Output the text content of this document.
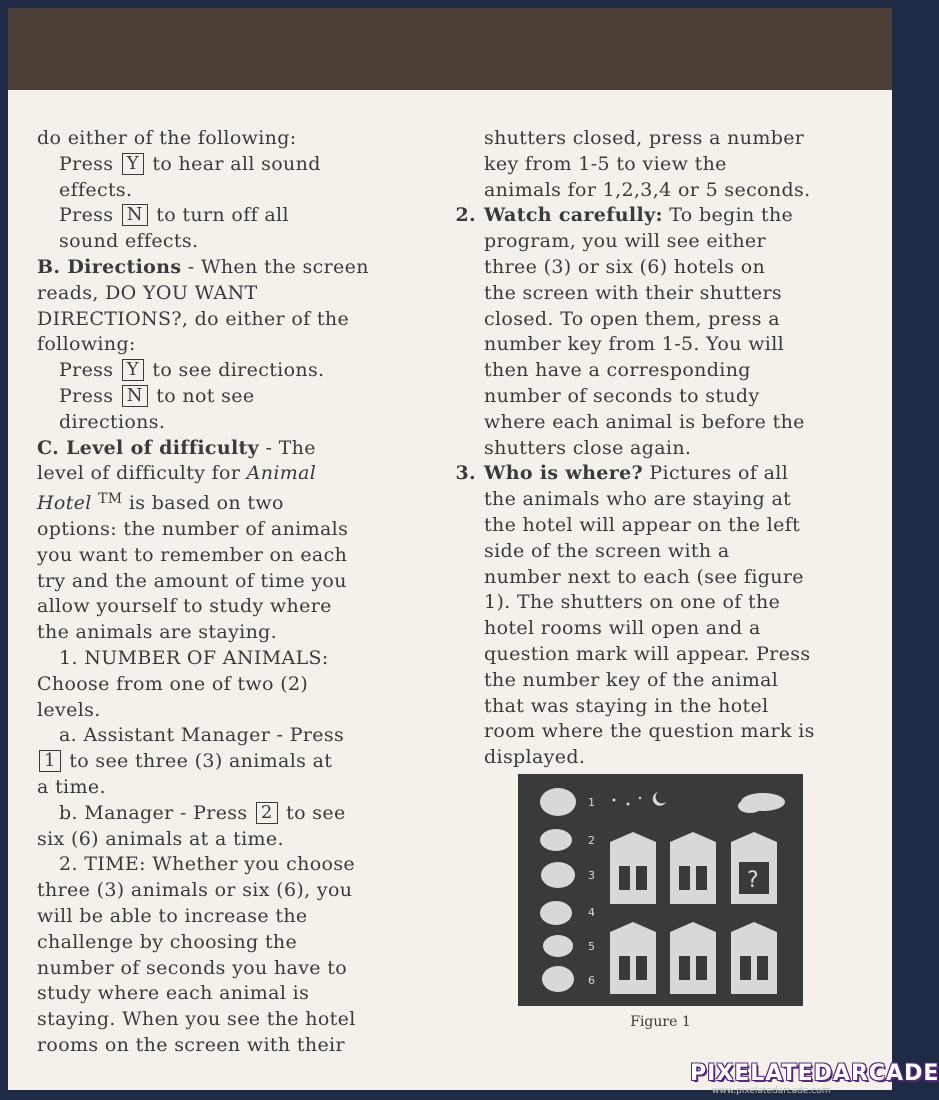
do either of the following:
Press Y to hear all sound
effects.
Press N to turn off all
sound effects.
B. Directions - When the screen
reads, DO YOU WANT
DIRECTIONS?, do either of the
following:
Press Y to see directions.
Press N to not see
directions.
C. Level of difficulty - The
level of difficulty for Animal
Hotel ™ is based on two
options: the number of animals
you want to remember on each
try and the amount of time you
allow yourself to study where
the animals are staying.
1. NUMBER OF ANIMALS:
Choose from one of two (2)
levels.
a. Assistant Manager - Press
1 to see three (3) animals at
a time.
b. Manager - Press 2 to see
six (6) animals at a time.
2. TIME: Whether you choose
three (3) animals or six (6), you
will be able to increase the
challenge by choosing the
number of seconds you have to
study where each animal is
staying. When you see the hotel
rooms on the screen with their
shutters closed, press a number
key from 1-5 to view the
animals for 1,2,3,4 or 5 seconds.
2. Watch carefully: To begin the
program, you will see either
three (3) or six (6) hotels on
the screen with their shutters
closed. To open them, press a
number key from 1-5. You will
then have a corresponding
number of seconds to study
where each animal is before the
shutters close again.
3. Who is where? Pictures of all
the animals who are staying at
the hotel will appear on the left
side of the screen with a
number next to each (see figure
1). The shutters on one of the
hotel rooms will open and a
question mark will appear. Press
the number key of the animal
that was staying in the hotel
room where the question mark is
displayed.
1
2
3
4
5
6
?
Figure 1
PIXELATEDARCADE
www.pixelatedarcade.com
